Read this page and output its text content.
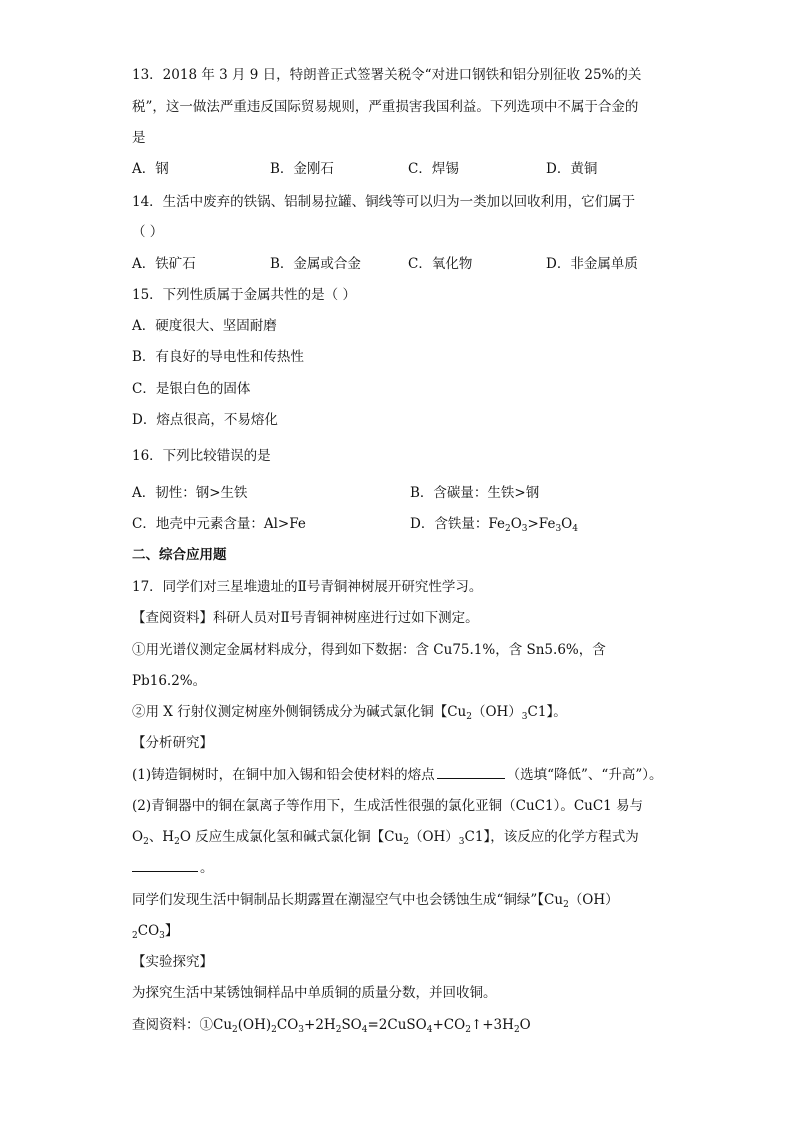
13．2018 年 3 月 9 日，特朗普正式签署关税令“对进口钢铁和铝分别征收 25%的关
税”，这一做法严重违反国际贸易规则，严重损害我国利益。下列选项中不属于合金的
是
A．钢	B．金刚石	C．焊锡	D．黄铜
14．生活中废弃的铁锅、铝制易拉罐、铜线等可以归为一类加以回收利用，它们属于
（ ）
A．铁矿石	B．金属或合金	C．氧化物	D．非金属单质
15．下列性质属于金属共性的是（ ）
A．硬度很大、坚固耐磨
B．有良好的导电性和传热性
C．是银白色的固体
D．熔点很高，不易熔化
16．下列比较错误的是
A．韧性：钢>生铁	B．含碳量：生铁>钢
C．地壳中元素含量：Al>Fe	D．含铁量：$Fe_2O_3>Fe_3O_4$
二、综合应用题
17．同学们对三星堆遗址的Ⅱ号青铜神树展开研究性学习。
【查阅资料】科研人员对Ⅱ号青铜神树座进行过如下测定。
①用光谱仪测定金属材料成分，得到如下数据：含 Cu75.1%，含 Sn5.6%，含
Pb16.2%。
②用 X 行射仪测定树座外侧铜锈成分为碱式氯化铜【$Cu_2(OH)_3C1$】。
【分析研究】
(1)铸造铜树时，在铜中加入锡和铅会使材料的熔点	（选填“降低”、“升高”）。
(2)青铜器中的铜在氯离子等作用下，生成活性很强的氯化亚铜（CuC1）。CuC1 易与
$O_2$、$H_2O$ 反应生成氯化氢和碱式氯化铜【$Cu_2(OH)_3C1$】，该反应的化学方程式为
。
同学们发现生活中铜制品长期露置在潮湿空气中也会锈蚀生成“铜绿”【$Cu_2(OH)$
$_2CO_3$】
【实验探究】
为探究生活中某锈蚀铜样品中单质铜的质量分数，并回收铜。
查阅资料：$①Cu_2(OH)_2CO_3+2H_2SO_4=2CuSO_4+CO_2↑+3H_2O$
